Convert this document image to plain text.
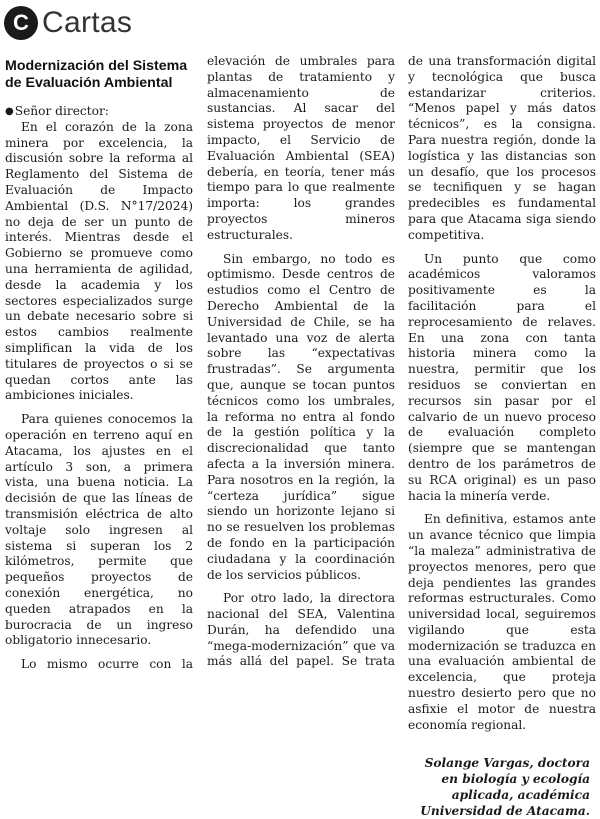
C Cartas
Modernización del Sistema de Evaluación Ambiental
●Señor director:

En el corazón de la zona minera por excelencia, la discusión sobre la reforma al Reglamento del Sistema de Evaluación de Impacto Ambiental (D.S. N°17/2024) no deja de ser un punto de interés. Mientras desde el Gobierno se promueve como una herramienta de agilidad, desde la academia y los sectores especializados surge un debate necesario sobre si estos cambios realmente simplifican la vida de los titulares de proyectos o si se quedan cortos ante las ambiciones iniciales.

Para quienes conocemos la operación en terreno aquí en Atacama, los ajustes en el artículo 3 son, a primera vista, una buena noticia. La decisión de que las líneas de transmisión eléctrica de alto voltaje solo ingresen al sistema si superan los 2 kilómetros, permite que pequeños proyectos de conexión energética, no queden atrapados en la burocracia de un ingreso obligatorio innecesario.

Lo mismo ocurre con la

elevación de umbrales para plantas de tratamiento y almacenamiento de sustancias. Al sacar del sistema proyectos de menor impacto, el Servicio de Evaluación Ambiental (SEA) debería, en teoría, tener más tiempo para lo que realmente importa: los grandes proyectos mineros estructurales.

Sin embargo, no todo es optimismo. Desde centros de estudios como el Centro de Derecho Ambiental de la Universidad de Chile, se ha levantado una voz de alerta sobre las “expectativas frustradas”. Se argumenta que, aunque se tocan puntos técnicos como los umbrales, la reforma no entra al fondo de la gestión política y la discrecionalidad que tanto afecta a la inversión minera. Para nosotros en la región, la “certeza jurídica” sigue siendo un horizonte lejano si no se resuelven los problemas de fondo en la participación ciudadana y la coordinación de los servicios públicos.

Por otro lado, la directora nacional del SEA, Valentina Durán, ha defendido una “mega-modernización” que va más allá del papel. Se trata

de una transformación digital y tecnológica que busca estandarizar criterios. “Menos papel y más datos técnicos”, es la consigna. Para nuestra región, donde la logística y las distancias son un desafío, que los procesos se tecnifiquen y se hagan predecibles es fundamental para que Atacama siga siendo competitiva.

Un punto que como académicos valoramos positivamente es la facilitación para el reprocesamiento de relaves. En una zona con tanta historia minera como la nuestra, permitir que los residuos se conviertan en recursos sin pasar por el calvario de un nuevo proceso de evaluación completo (siempre que se mantengan dentro de los parámetros de su RCA original) es un paso hacia la minería verde.

En definitiva, estamos ante un avance técnico que limpia “la maleza” administrativa de proyectos menores, pero que deja pendientes las grandes reformas estructurales. Como universidad local, seguiremos vigilando que esta modernización se traduzca en una evaluación ambiental de excelencia, que proteja nuestro desierto pero que no asfixie el motor de nuestra economía regional.

Solange Vargas, doctora en biología y ecología aplicada, académica Universidad de Atacama.
